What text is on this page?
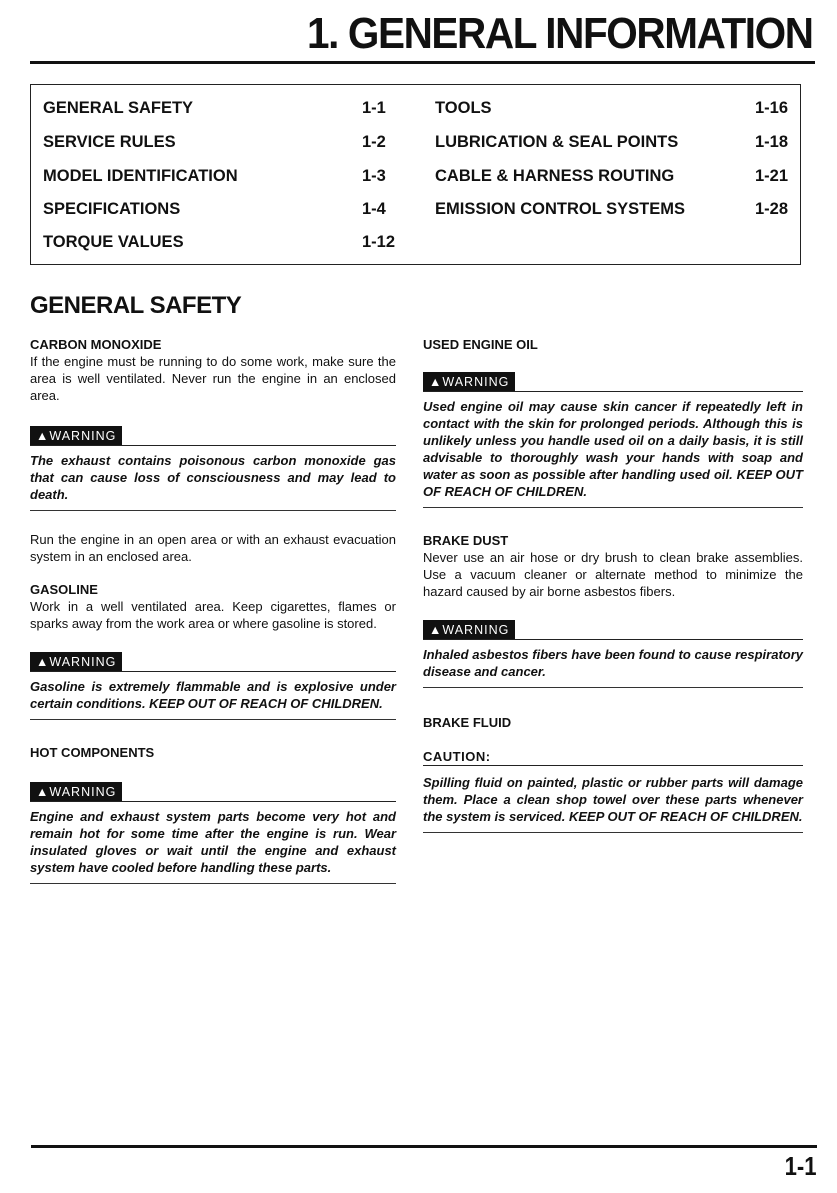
1. GENERAL INFORMATION
GENERAL SAFETY	1-1
SERVICE RULES	1-2
MODEL IDENTIFICATION	1-3
SPECIFICATIONS	1-4
TORQUE VALUES	1-12
TOOLS	1-16
LUBRICATION & SEAL POINTS	1-18
CABLE & HARNESS ROUTING	1-21
EMISSION CONTROL SYSTEMS	1-28
GENERAL SAFETY
CARBON MONOXIDE
If the engine must be running to do some work, make sure the area is well ventilated. Never run the engine in an enclosed area.
▲WARNING
The exhaust contains poisonous carbon monoxide gas that can cause loss of consciousness and may lead to death.
Run the engine in an open area or with an exhaust evacuation system in an enclosed area.
GASOLINE
Work in a well ventilated area. Keep cigarettes, flames or sparks away from the work area or where gasoline is stored.
▲WARNING
Gasoline is extremely flammable and is explosive under certain conditions. KEEP OUT OF REACH OF CHILDREN.
HOT COMPONENTS
▲WARNING
Engine and exhaust system parts become very hot and remain hot for some time after the engine is run. Wear insulated gloves or wait until the engine and exhaust system have cooled before handling these parts.
USED ENGINE OIL
▲WARNING
Used engine oil may cause skin cancer if repeatedly left in contact with the skin for prolonged periods. Although this is unlikely unless you handle used oil on a daily basis, it is still advisable to thoroughly wash your hands with soap and water as soon as possible after handling used oil. KEEP OUT OF REACH OF CHILDREN.
BRAKE DUST
Never use an air hose or dry brush to clean brake assemblies. Use a vacuum cleaner or alternate method to minimize the hazard caused by air borne asbestos fibers.
▲WARNING
Inhaled asbestos fibers have been found to cause respiratory disease and cancer.
BRAKE FLUID
CAUTION:
Spilling fluid on painted, plastic or rubber parts will damage them. Place a clean shop towel over these parts whenever the system is serviced. KEEP OUT OF REACH OF CHILDREN.
1-1
